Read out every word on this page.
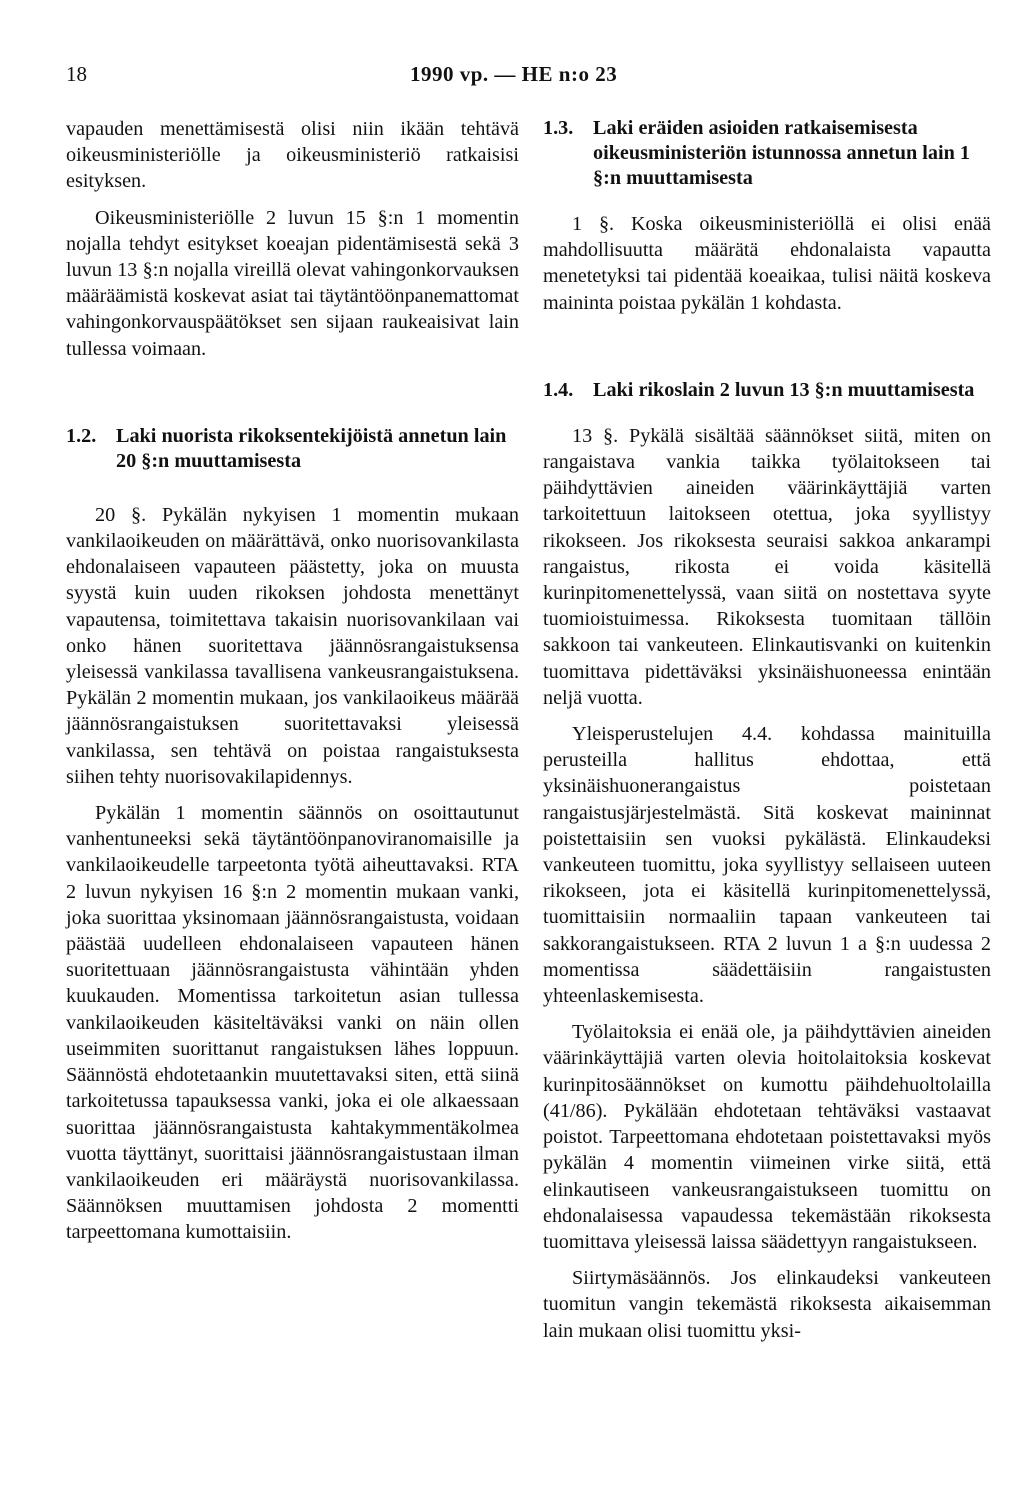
18	1990 vp. — HE n:o 23

vapauden menettämisestä olisi niin ikään tehtävä oikeusministeriölle ja oikeusministeriö ratkaisisi esityksen.

Oikeusministeriölle 2 luvun 15 §:n 1 momentin nojalla tehdyt esitykset koeajan pidentämisestä sekä 3 luvun 13 §:n nojalla vireillä olevat vahingonkorvauksen määräämistä koskevat asiat tai täytäntöönpanemattomat vahingonkorvauspäätökset sen sijaan raukeaisivat lain tullessa voimaan.

1.2. Laki nuorista rikoksentekijöistä annetun lain 20 §:n muuttamisesta

20 §. Pykälän nykyisen 1 momentin mukaan vankilaoikeuden on määrättävä, onko nuorisovankilasta ehdonalaiseen vapauteen päästetty, joka on muusta syystä kuin uuden rikoksen johdosta menettänyt vapautensa, toimitettava takaisin nuorisovankilaan vai onko hänen suoritettava jäännösrangaistuksensa yleisessä vankilassa tavallisena vankeusrangaistuksena. Pykälän 2 momentin mukaan, jos vankilaoikeus määrää jäännösrangaistuksen suoritettavaksi yleisessä vankilassa, sen tehtävä on poistaa rangaistuksesta siihen tehty nuorisovakilapidennys.

Pykälän 1 momentin säännös on osoittautunut vanhentuneeksi sekä täytäntöönpanoviranomaisille ja vankilaoikeudelle tarpeetonta työtä aiheuttavaksi. RTA 2 luvun nykyisen 16 §:n 2 momentin mukaan vanki, joka suorittaa yksinomaan jäännösrangaistusta, voidaan päästää uudelleen ehdonalaiseen vapauteen hänen suoritettuaan jäännösrangaistusta vähintään yhden kuukauden. Momentissa tarkoitetun asian tullessa vankilaoikeuden käsiteltäväksi vanki on näin ollen useimmiten suorittanut rangaistuksen lähes loppuun. Säännöstä ehdotetaankin muutettavaksi siten, että siinä tarkoitetussa tapauksessa vanki, joka ei ole alkaessaan suorittaa jäännösrangaistusta kahtakymmentäkolmea vuotta täyttänyt, suorittaisi jäännösrangaistustaan ilman vankilaoikeuden eri määräystä nuorisovankilassa. Säännöksen muuttamisen johdosta 2 momentti tarpeettomana kumottaisiin.

1.3. Laki eräiden asioiden ratkaisemisesta oikeusministeriön istunnossa annetun lain 1 §:n muuttamisesta

1 §. Koska oikeusministeriöllä ei olisi enää mahdollisuutta määrätä ehdonalaista vapautta menetetyksi tai pidentää koeaikaa, tulisi näitä koskeva maininta poistaa pykälän 1 kohdasta.

1.4. Laki rikoslain 2 luvun 13 §:n muuttamisesta

13 §. Pykälä sisältää säännökset siitä, miten on rangaistava vankia taikka työlaitokseen tai päihdyttävien aineiden väärinkäyttäjiä varten tarkoitettuun laitokseen otettua, joka syyllistyy rikokseen. Jos rikoksesta seuraisi sakkoa ankarampi rangaistus, rikosta ei voida käsitellä kurinpitomenettelyssä, vaan siitä on nostettava syyte tuomioistuimessa. Rikoksesta tuomitaan tällöin sakkoon tai vankeuteen. Elinkautisvanki on kuitenkin tuomittava pidettäväksi yksinäishuoneessa enintään neljä vuotta.

Yleisperustelujen 4.4. kohdassa mainituilla perusteilla hallitus ehdottaa, että yksinäishuonerangaistus poistetaan rangaistusjärjestelmästä. Sitä koskevat maininnat poistettaisiin sen vuoksi pykälästä. Elinkaudeksi vankeuteen tuomittu, joka syyllistyy sellaiseen uuteen rikokseen, jota ei käsitellä kurinpitomenettelyssä, tuomittaisiin normaaliin tapaan vankeuteen tai sakkorangaistukseen. RTA 2 luvun 1 a §:n uudessa 2 momentissa säädettäisiin rangaistusten yhteenlaskemisesta.

Työlaitoksia ei enää ole, ja päihdyttävien aineiden väärinkäyttäjiä varten olevia hoitolaitoksia koskevat kurinpitosäännökset on kumottu päihdehuoltolailla (41/86). Pykälään ehdotetaan tehtäväksi vastaavat poistot. Tarpeettomana ehdotetaan poistettavaksi myös pykälän 4 momentin viimeinen virke siitä, että elinkautiseen vankeusrangaistukseen tuomittu on ehdonalaisessa vapaudessa tekemästään rikoksesta tuomittava yleisessä laissa säädettyyn rangaistukseen.

Siirtymäsäännös. Jos elinkaudeksi vankeuteen tuomitun vangin tekemästä rikoksesta aikaisemman lain mukaan olisi tuomittu yksi-
